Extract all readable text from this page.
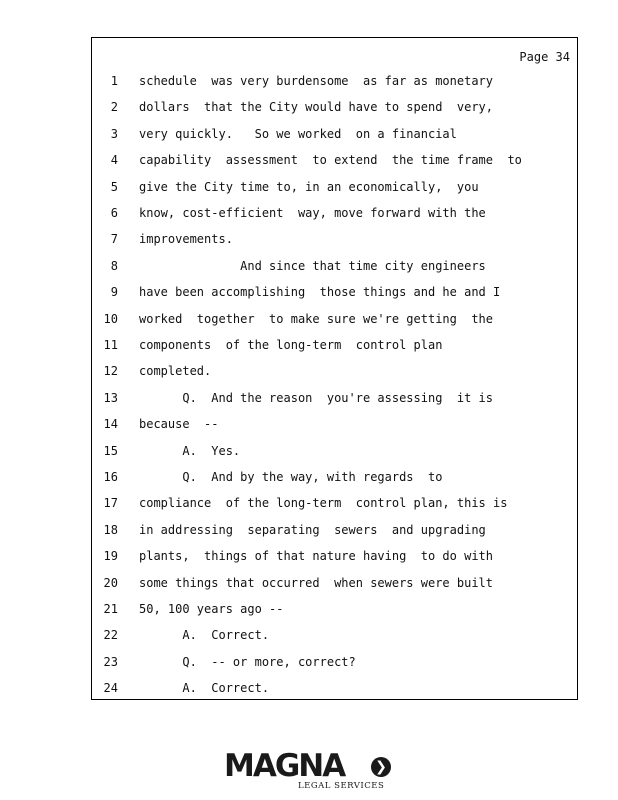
Page 34
1 schedule  was very burdensome  as far as monetary
2 dollars  that the City would have to spend  very,
3 very quickly.   So we worked  on a financial
4 capability  assessment  to extend  the time frame  to
5 give the City time to, in an economically,  you
6 know, cost-efficient  way, move forward with the
7 improvements.
8 And since that time city engineers
9 have been accomplishing  those things and he and I
10 worked  together  to make sure we're getting  the
11 components  of the long-term  control plan
12 completed.
13 Q.  And the reason  you're assessing  it is
14 because  --
15 A.  Yes.
16 Q.  And by the way, with regards  to
17 compliance  of the long-term  control plan, this is
18 in addressing  separating  sewers  and upgrading
19 plants,  things of that nature having  to do with
20 some things that occurred  when sewers were built
21 50, 100 years ago --
22 A.  Correct.
23 Q.  -- or more, correct?
24 A.  Correct.
MAGNA ❯
LEGAL SERVICES
